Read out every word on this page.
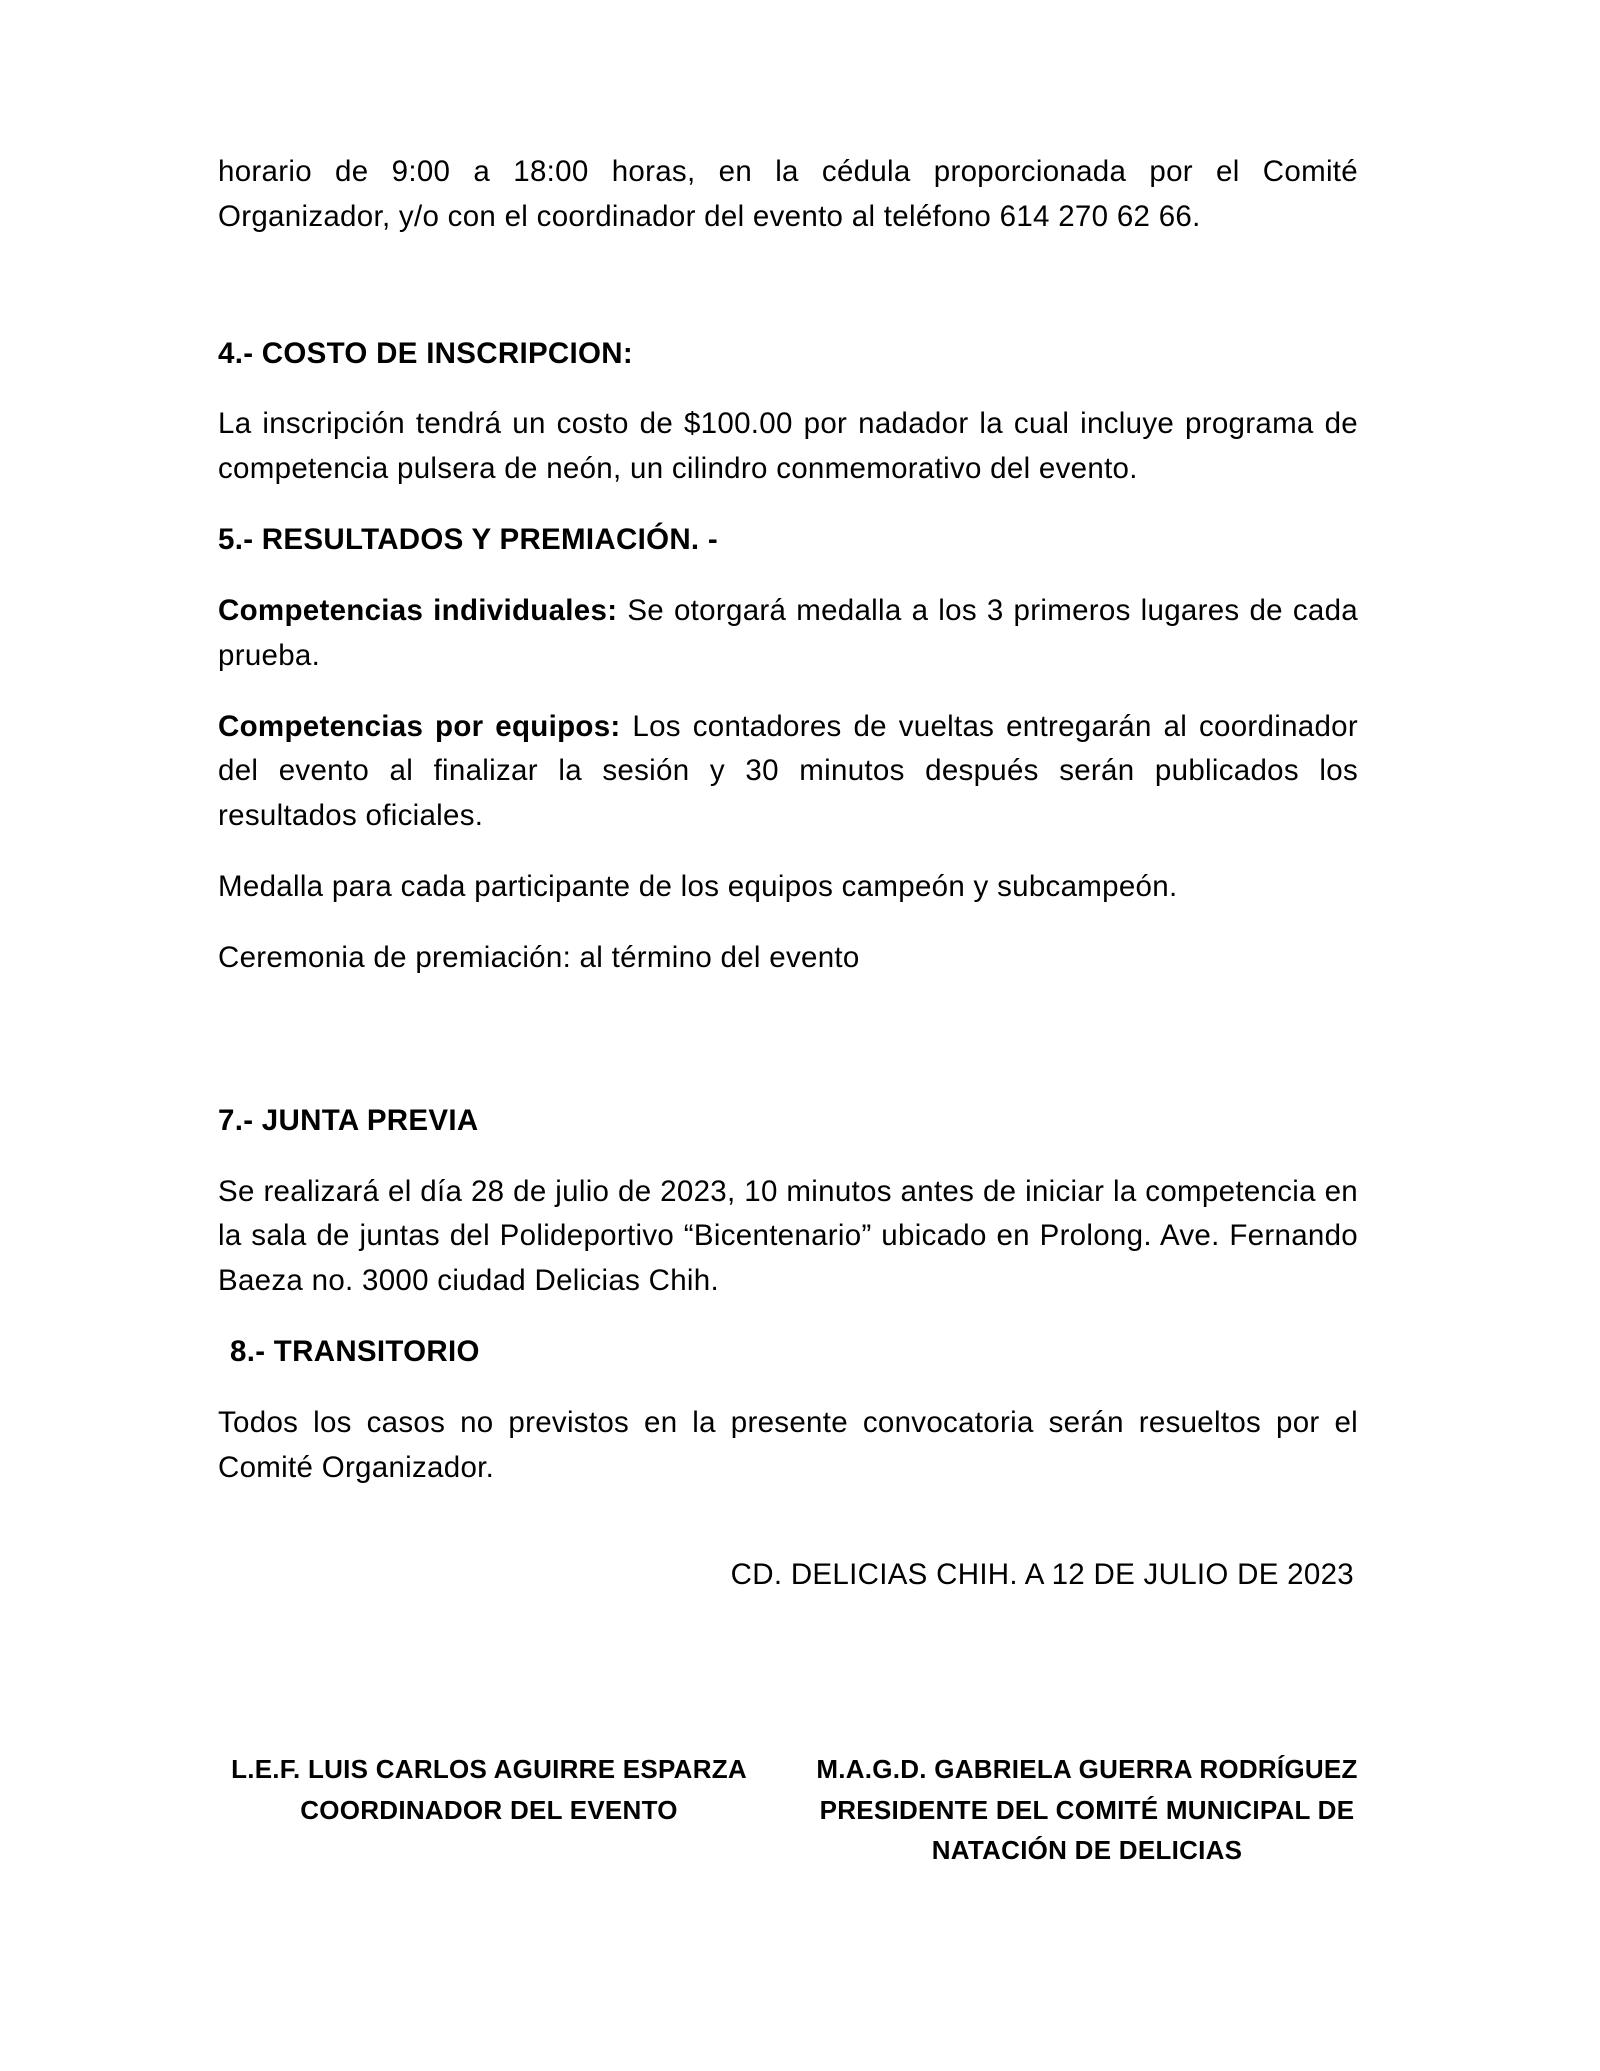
horario de 9:00 a 18:00 horas, en la cédula proporcionada por el Comité Organizador, y/o con el coordinador del evento al teléfono 614 270 62 66.

4.- COSTO DE INSCRIPCION:

La inscripción tendrá un costo de $100.00 por nadador la cual incluye programa de competencia pulsera de neón, un cilindro conmemorativo del evento.

5.- RESULTADOS Y PREMIACIÓN. -

Competencias individuales: Se otorgará medalla a los 3 primeros lugares de cada prueba.

Competencias por equipos: Los contadores de vueltas entregarán al coordinador del evento al finalizar la sesión y 30 minutos después serán publicados los resultados oficiales.

Medalla para cada participante de los equipos campeón y subcampeón.

Ceremonia de premiación: al término del evento

7.- JUNTA PREVIA

Se realizará el día 28 de julio de 2023, 10 minutos antes de iniciar la competencia en la sala de juntas del Polideportivo “Bicentenario” ubicado en Prolong. Ave. Fernando Baeza no. 3000 ciudad Delicias Chih.

8.- TRANSITORIO

Todos los casos no previstos en la presente convocatoria serán resueltos por el Comité Organizador.

CD. DELICIAS CHIH. A 12 DE JULIO DE 2023

L.E.F. LUIS CARLOS AGUIRRE ESPARZA
COORDINADOR DEL EVENTO
M.A.G.D. GABRIELA GUERRA RODRÍGUEZ
PRESIDENTE DEL COMITÉ MUNICIPAL DE
NATACIÓN DE DELICIAS
